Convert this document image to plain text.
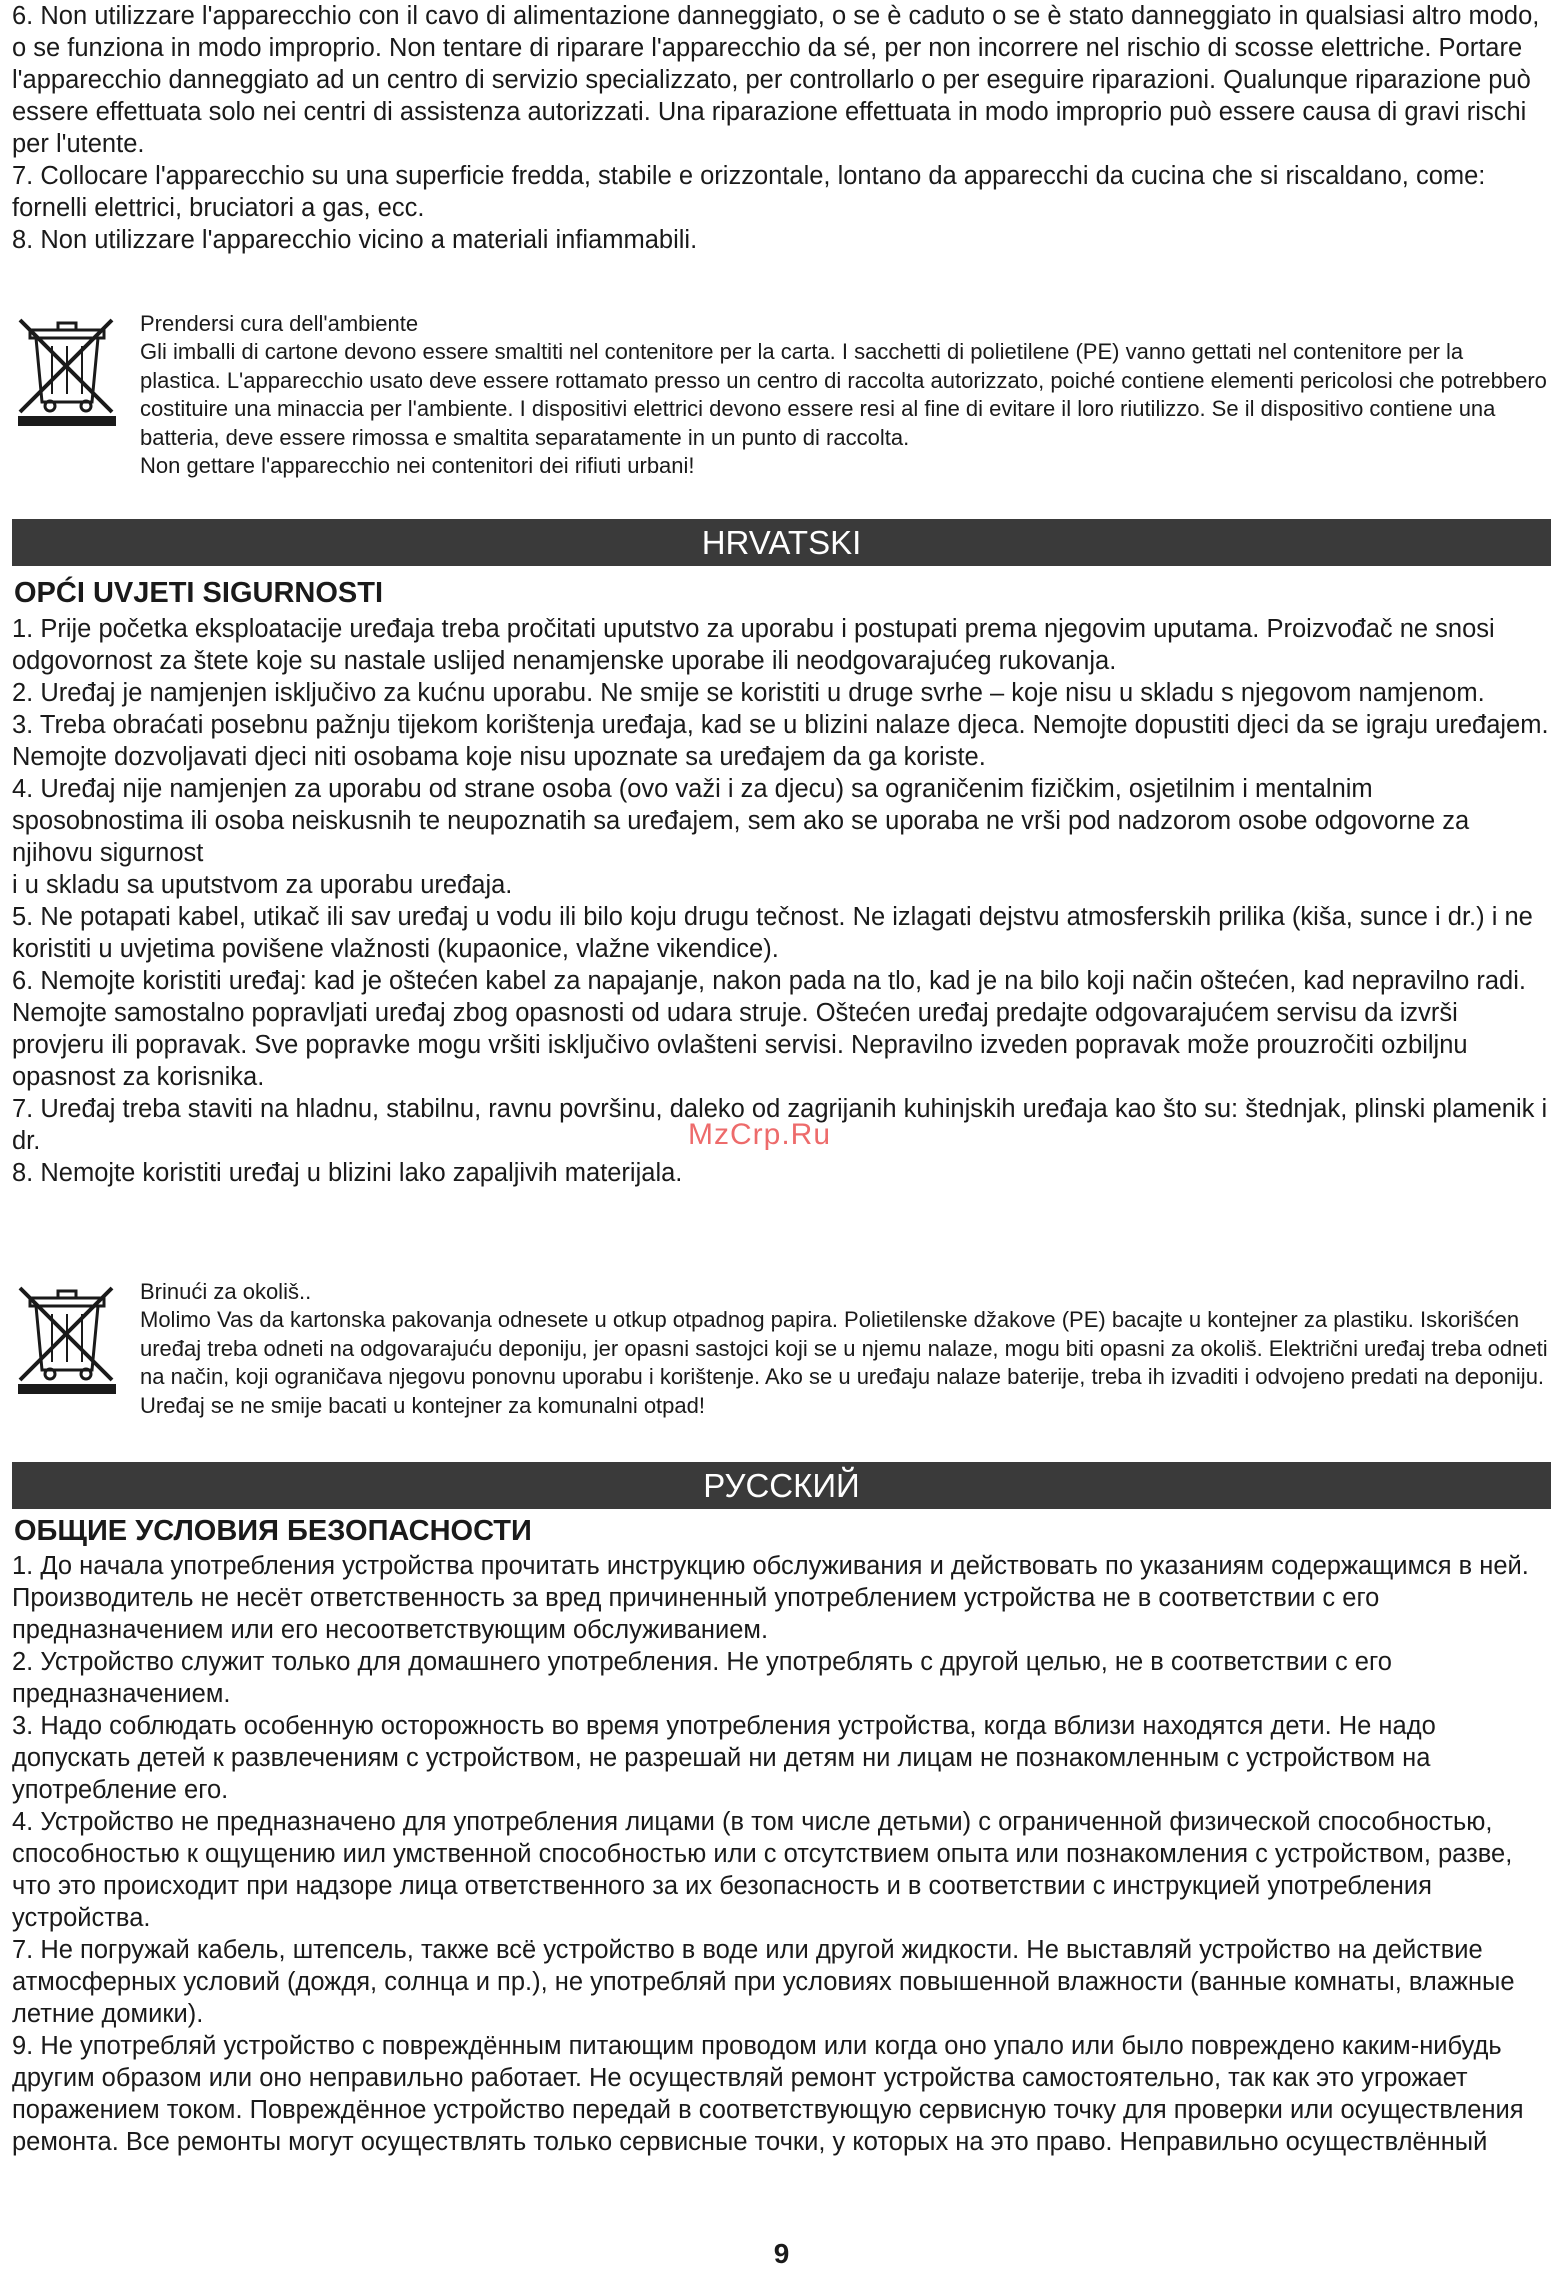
6. Non utilizzare l'apparecchio con il cavo di alimentazione danneggiato, o se è caduto o se è stato danneggiato in qualsiasi altro modo, o se funziona in modo improprio. Non tentare di riparare l'apparecchio da sé, per non incorrere nel rischio di scosse elettriche. Portare l'apparecchio danneggiato ad un centro di servizio specializzato, per controllarlo o per eseguire riparazioni. Qualunque riparazione può essere effettuata solo nei centri di assistenza autorizzati. Una riparazione effettuata in modo improprio può essere causa di gravi rischi per l'utente.

7. Collocare l'apparecchio su una superficie fredda, stabile e orizzontale, lontano da apparecchi da cucina che si riscaldano, come: fornelli elettrici, bruciatori a gas, ecc.

8. Non utilizzare l'apparecchio vicino a materiali infiammabili.

Prendersi cura dell'ambiente

Gli imballi di cartone devono essere smaltiti nel contenitore per la carta. I sacchetti di polietilene (PE) vanno gettati nel contenitore per la plastica. L'apparecchio usato deve essere rottamato presso un centro di raccolta autorizzato, poiché contiene elementi pericolosi che potrebbero costituire una minaccia per l'ambiente. I dispositivi elettrici devono essere resi al fine di evitare il loro riutilizzo. Se il dispositivo contiene una batteria, deve essere rimossa e smaltita separatamente in un punto di raccolta.

Non gettare l'apparecchio nei contenitori dei rifiuti urbani!

HRVATSKI
OPĆI UVJETI SIGURNOSTI

1. Prije početka eksploatacije uređaja treba pročitati uputstvo za uporabu i postupati prema njegovim uputama. Proizvođač ne snosi odgovornost za štete koje su nastale uslijed nenamjenske uporabe ili neodgovarajućeg rukovanja.

2. Uređaj je namjenjen isključivo za kućnu uporabu. Ne smije se koristiti u druge svrhe – koje nisu u skladu s njegovom namjenom.

3. Treba obraćati posebnu pažnju tijekom korištenja uređaja, kad se u blizini nalaze djeca. Nemojte dopustiti djeci da se igraju uređajem. Nemojte dozvoljavati djeci niti osobama koje nisu upoznate sa uređajem da ga koriste.

4. Uređaj nije namjenjen za uporabu od strane osoba (ovo važi i za djecu) sa ograničenim fizičkim, osjetilnim i mentalnim sposobnostima ili osoba neiskusnih te neupoznatih sa uređajem, sem ako se uporaba ne vrši pod nadzorom osobe odgovorne za njihovu sigurnost

i u skladu sa uputstvom za uporabu uređaja.

5. Ne potapati kabel, utikač ili sav uređaj u vodu ili bilo koju drugu tečnost. Ne izlagati dejstvu atmosferskih prilika (kiša, sunce i dr.) i ne koristiti u uvjetima povišene vlažnosti (kupaonice, vlažne vikendice).

6. Nemojte koristiti uređaj: kad je oštećen kabel za napajanje, nakon pada na tlo, kad je na bilo koji način oštećen, kad nepravilno radi. Nemojte samostalno popravljati uređaj zbog opasnosti od udara struje. Oštećen uređaj predajte odgovarajućem servisu da izvrši provjeru ili popravak. Sve popravke mogu vršiti isključivo ovlašteni servisi. Nepravilno izveden popravak može prouzročiti ozbiljnu opasnost za korisnika.

7. Uređaj treba staviti na hladnu, stabilnu, ravnu površinu, daleko od zagrijanih kuhinjskih uređaja kao što su: štednjak, plinski plamenik i dr.

8. Nemojte koristiti uređaj u blizini lako zapaljivih materijala.

Brinući za okoliš..

Molimo Vas da kartonska pakovanja odnesete u otkup otpadnog papira. Polietilenske džakove (PE) bacajte u kontejner za plastiku. Iskorišćen uređaj treba odneti na odgovarajuću deponiju, jer opasni sastojci koji se u njemu nalaze, mogu biti opasni za okoliš. Električni uređaj treba odneti na način, koji ograničava njegovu ponovnu uporabu i korištenje. Ako se u uređaju nalaze baterije, treba ih izvaditi i odvojeno predati na deponiju.

Uređaj se ne smije bacati u kontejner za komunalni otpad!

РУССКИЙ
ОБЩИЕ УСЛОВИЯ БЕЗОПАСНОСТИ

1. До начала употребления устройства прочитать инструкцию обслуживания и действовать по указаниям содержащимся в ней. Производитель не несёт ответственность за вред причиненный употреблением устройства не в соответствии с его предназначением или его несоответствующим обслуживанием.

2. Устройство служит только для домашнего употребления. Не употреблять с другой целью, не в соответствии с его предназначением.

3. Надо соблюдать особенную осторожность во время употребления устройства, когда вблизи находятся дети. Не надо допускать детей к развлечениям с устройством, не разрешай ни детям ни лицам не познакомленным с устройством на употребление его.

4. Устройство не предназначено для употребления лицами (в том числе детьми) с ограниченной физической способностью, способностью к ощущению иил умственной способностью или с отсутствием опыта или познакомления с устройством, разве, что это происходит при надзоре лица ответственного за их безопасность и в соответствии с инструкцией употребления устройства.

7. Не погружай кабель, штепсель, также всё устройство в воде или другой жидкости. Не выставляй устройство на действие атмосферных условий (дождя, солнца и пр.), не употребляй при условиях повышенной влажности (ванные комнаты, влажные летние домики).

9. Не употребляй устройство с повреждённым питающим проводом или когда оно упало или было повреждено каким-нибудь другим образом или оно неправильно работает. Не осуществляй ремонт устройства самостоятельно, так как это угрожает поражением током. Повреждённое устройство передай в соответствующую сервисную точку для проверки или осуществления ремонта. Все ремонты могут осуществлять только сервисные точки, у которых на это право. Неправильно осуществлённый

MzCrp.Ru
9
